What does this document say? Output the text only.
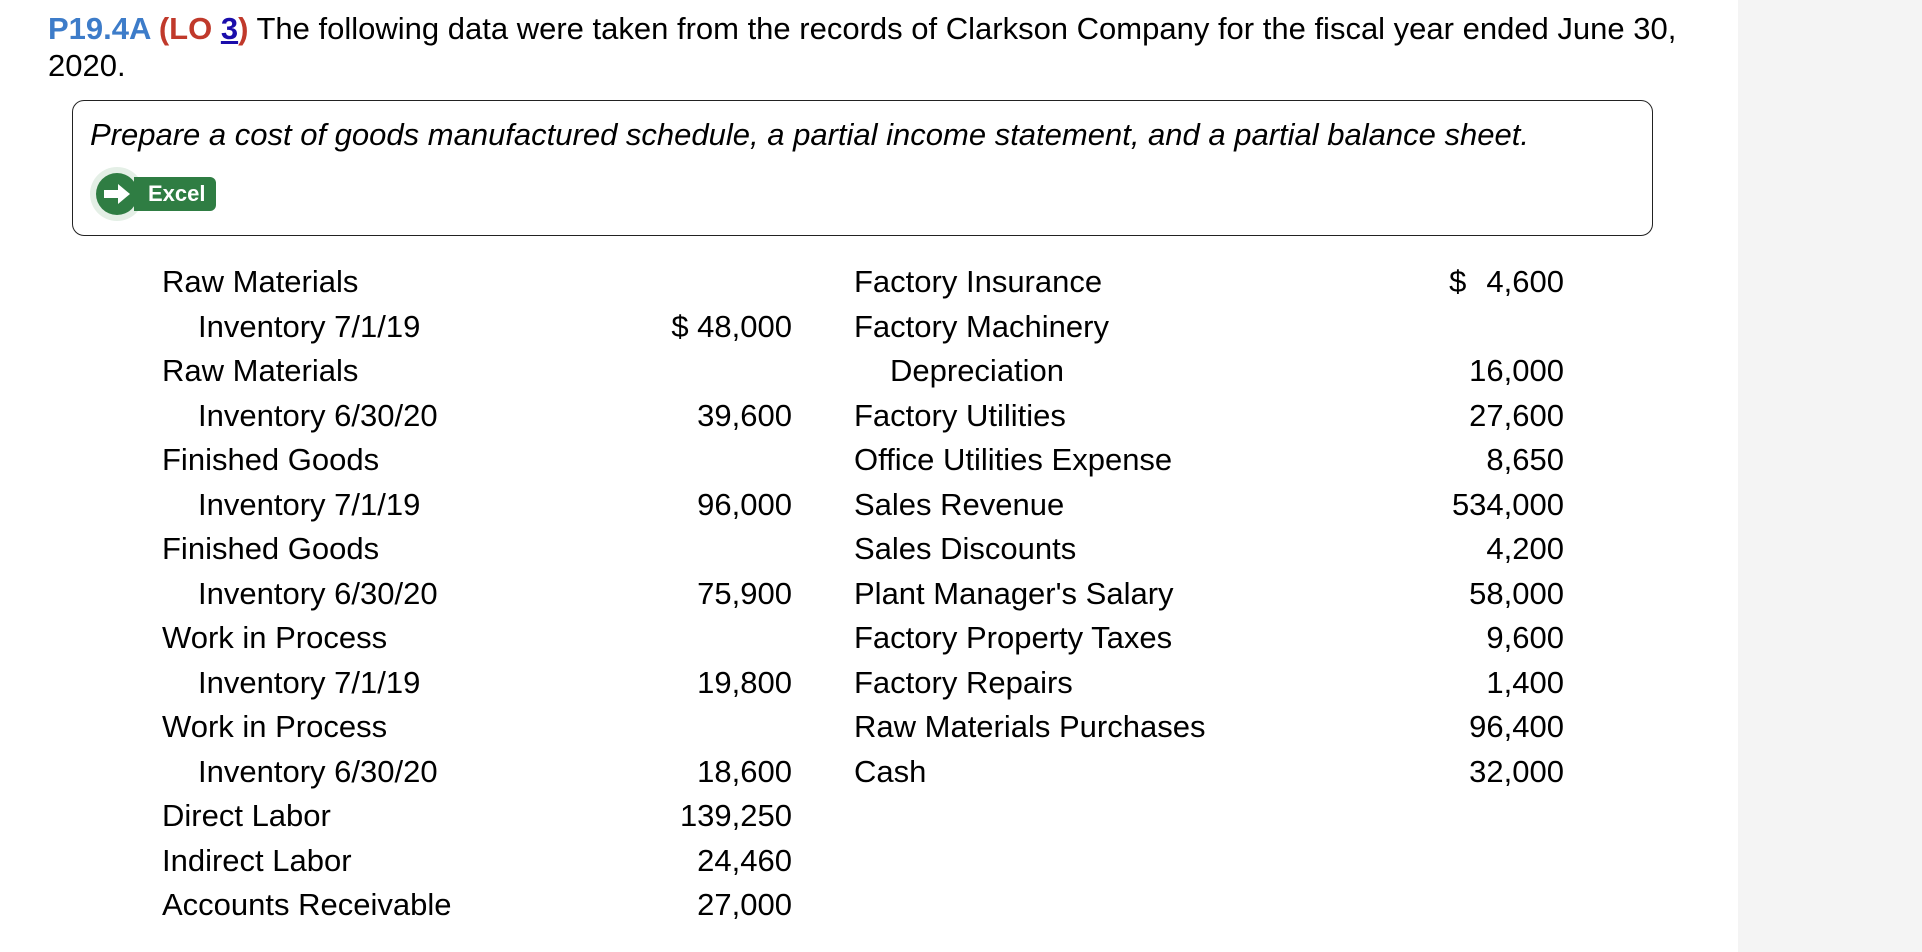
P19.4A (LO 3) The following data were taken from the records of Clarkson Company for the fiscal year ended June 30, 2020.

Prepare a cost of goods manufactured schedule, a partial income statement, and a partial balance sheet.
Excel
Raw Materials
Inventory 7/1/19	$ 48,000
Raw Materials
Inventory 6/30/20	39,600
Finished Goods
Inventory 7/1/19	96,000
Finished Goods
Inventory 6/30/20	75,900
Work in Process
Inventory 7/1/19	19,800
Work in Process
Inventory 6/30/20	18,600
Direct Labor	139,250
Indirect Labor	24,460
Accounts Receivable	27,000
Factory Insurance	$ 4,600
Factory Machinery
Depreciation	16,000
Factory Utilities	27,600
Office Utilities Expense	8,650
Sales Revenue	534,000
Sales Discounts	4,200
Plant Manager's Salary	58,000
Factory Property Taxes	9,600
Factory Repairs	1,400
Raw Materials Purchases	96,400
Cash	32,000
